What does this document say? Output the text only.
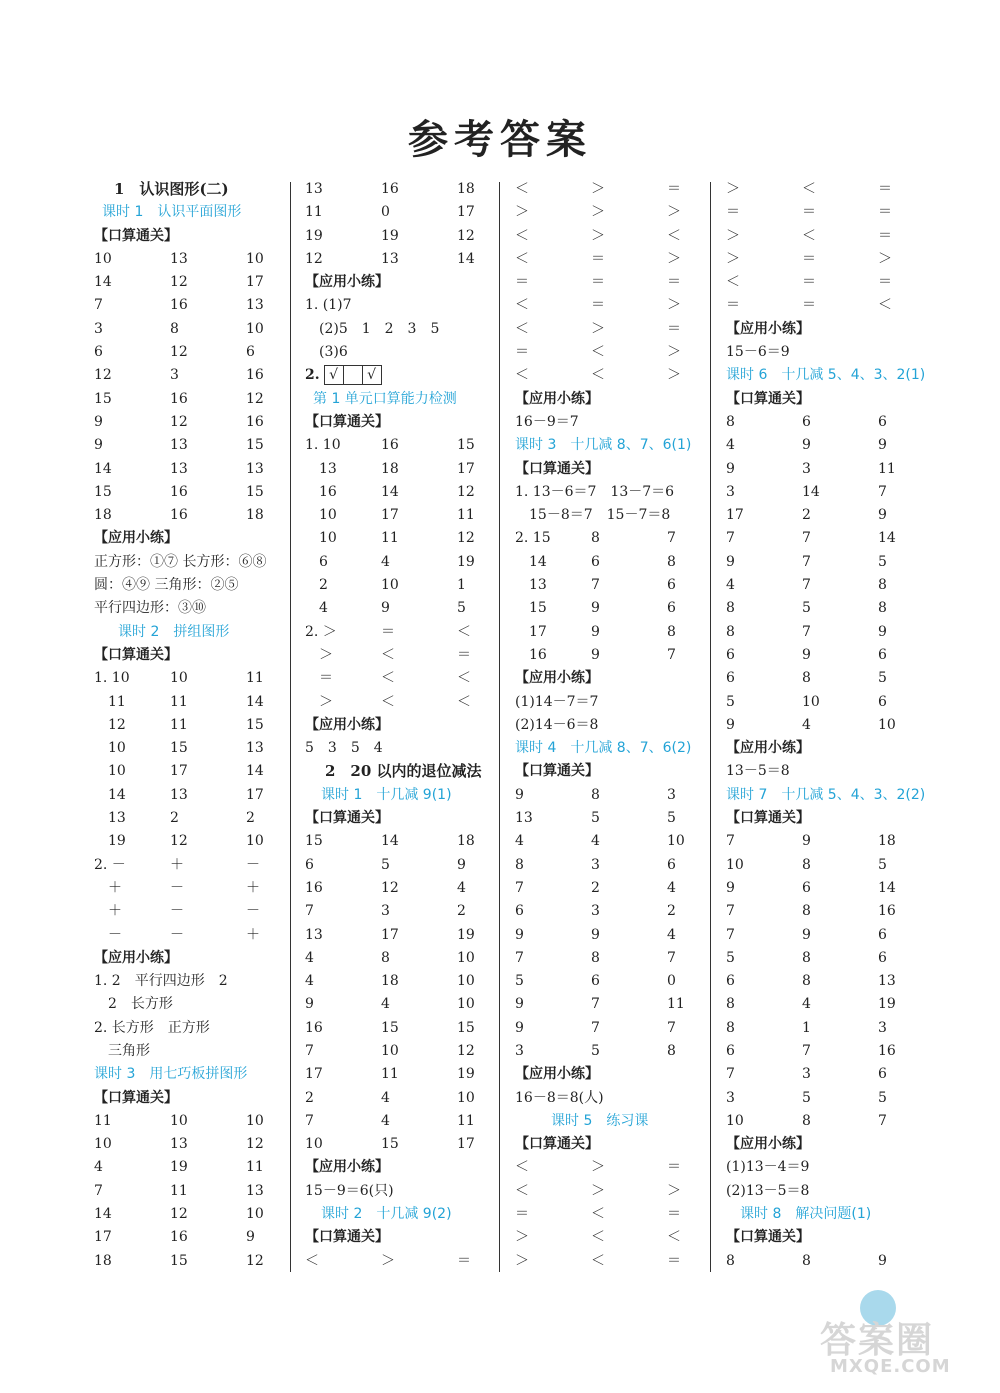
参考答案
1　认识图形(二)
课时 1　认识平面图形
【口算通关】
10	13	10
14	12	17
7	16	13
3	8	10
6	12	6
12	3	16
15	16	12
9	12	16
9	13	15
14	13	13
15	16	15
18	16	18
【应用小练】
正方形：①⑦ 长方形：⑥⑧
圆：④⑨ 三角形：②⑤
平行四边形：③⑩
课时 2　拼组图形
【口算通关】
1. 10	10	11
　11	11	14
　12	11	15
　10	15	13
　10	17	14
　14	13	17
　13	2	2
　19	12	10
2. －	＋	－
　＋	－	＋
　＋	－	－
　－	－	＋
【应用小练】
1. 2　平行四边形　2
　2　长方形
2. 长方形　正方形
　三角形
课时 3　用七巧板拼图形
【口算通关】
11	10	10
10	13	12
4	19	11
7	11	13
14	12	10
17	16	9
18	15	12
13	16	18
11	0	17
19	19	12
12	13	14
【应用小练】
1. (1)7
　(2)5　1　2　3　5
　(3)6
2. √ √
第 1 单元口算能力检测
【口算通关】
1. 10	16	15
　13	18	17
　16	14	12
　10	17	11
　10	11	12
　6	4	19
　2	10	1
　4	9	5
2. ＞	＝	＜
　＞	＜	＝
　＝	＜	＜
　＞	＜	＜
【应用小练】
5　3　5　4
2　20 以内的退位减法
课时 1　十几减 9(1)
【口算通关】
15	14	18
6	5	9
16	12	4
7	3	2
13	17	19
4	8	10
4	18	10
9	4	10
16	15	15
7	10	12
17	11	19
2	4	10
7	4	11
10	15	17
【应用小练】
15－9＝6(只)
课时 2　十几减 9(2)
【口算通关】
＜	＞	＝
＜	＞	＝
＞	＞	＞
＜	＞	＜
＜	＝	＞
＝	＝	＝
＜	＝	＞
＜	＞	＝
＝	＜	＞
＜	＜	＞
【应用小练】
16－9＝7
课时 3　十几减 8、7、6(1)
【口算通关】
1. 13－6＝7　13－7＝6
　15－8＝7　15－7＝8
2. 15	8	7
　14	6	8
　13	7	6
　15	9	6
　17	9	8
　16	9	7
【应用小练】
(1)14－7＝7
(2)14－6＝8
课时 4　十几减 8、7、6(2)
【口算通关】
9	8	3
13	5	5
4	4	10
8	3	6
7	2	4
6	3	2
9	9	4
7	8	7
5	6	0
9	7	11
9	7	7
3	5	8
【应用小练】
16－8＝8(人)
课时 5　练习课
【口算通关】
＜	＞	＝
＜	＞	＞
＝	＜	＝
＞	＜	＜
＞	＜	＝
＞	＜	＝
＝	＝	＝
＞	＜	＝
＞	＝	＞
＜	＝	＝
＝	＝	＜
【应用小练】
15－6＝9
课时 6　十几减 5、4、3、2(1)
【口算通关】
8	6	6
4	9	9
9	3	11
3	14	7
17	2	9
7	7	14
9	7	5
4	7	8
8	5	8
8	7	9
6	9	6
6	8	5
5	10	6
9	4	10
【应用小练】
13－5＝8
课时 7　十几减 5、4、3、2(2)
【口算通关】
7	9	18
10	8	5
9	6	14
7	8	16
7	9	6
5	8	6
6	8	13
8	4	19
8	1	3
6	7	16
7	3	6
3	5	5
10	8	7
【应用小练】
(1)13－4＝9
(2)13－5＝8
课时 8　解决问题(1)
【口算通关】
8	8	9
答案圈
MXQE.COM
